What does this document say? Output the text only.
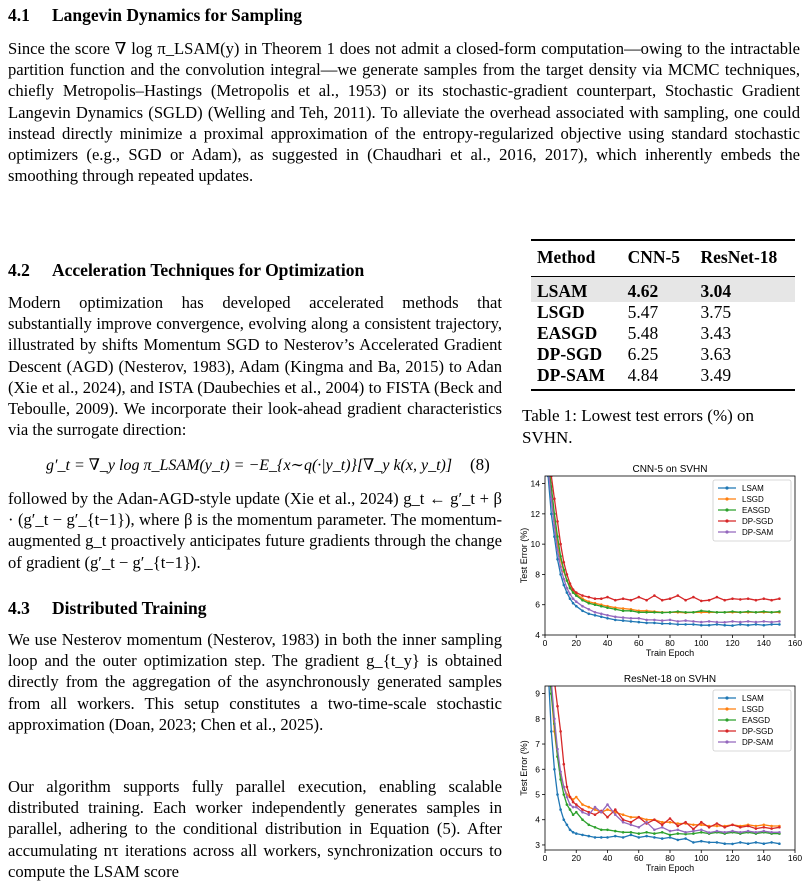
4.1 Langevin Dynamics for Sampling
Since the score ∇ log π_LSAM(y) in Theorem 1 does not admit a closed-form computation—owing to the intractable partition function and the convolution integral—we generate samples from the target density via MCMC techniques, chiefly Metropolis–Hastings (Metropolis et al., 1953) or its stochastic-gradient counterpart, Stochastic Gradient Langevin Dynamics (SGLD) (Welling and Teh, 2011). To alleviate the overhead associated with sampling, one could instead directly minimize a proximal approximation of the entropy-regularized objective using standard stochastic optimizers (e.g., SGD or Adam), as suggested in (Chaudhari et al., 2016, 2017), which inherently embeds the smoothing through repeated updates.
4.2 Acceleration Techniques for Optimization
Modern optimization has developed accelerated methods that substantially improve convergence, evolving along a consistent trajectory, illustrated by shifts Momentum SGD to Nesterov’s Accelerated Gradient Descent (AGD) (Nesterov, 1983), Adam (Kingma and Ba, 2015) to Adan (Xie et al., 2024), and ISTA (Daubechies et al., 2004) to FISTA (Beck and Teboulle, 2009). We incorporate their look-ahead gradient characteristics via the surrogate direction:
g′_t = ∇_y log π_LSAM(y_t) = −E_{x∼q(·|y_t)}[∇_y k(x, y_t)] (8)
followed by the Adan-AGD-style update (Xie et al., 2024) g_t ← g′_t + β · (g′_t − g′_{t−1}), where β is the momentum parameter. The momentum-augmented g_t proactively anticipates future gradients through the change of gradient (g′_t − g′_{t−1}).
4.3 Distributed Training
We use Nesterov momentum (Nesterov, 1983) in both the inner sampling loop and the outer optimization step. The gradient g_{t_y} is obtained directly from the aggregation of the asynchronously generated samples from all workers. This setup constitutes a two-time-scale stochastic approximation (Doan, 2023; Chen et al., 2025).
Our algorithm supports fully parallel execution, enabling scalable distributed training. Each worker independently generates samples in parallel, adhering to the conditional distribution in Equation (5). After accumulating nτ iterations across all workers, synchronization occurs to compute the LSAM score
Method	CNN-5	ResNet-18
LSAM	4.62	3.04
LSGD	5.47	3.75
EASGD	5.48	3.43
DP-SGD	6.25	3.63
DP-SAM	4.84	3.49
Table 1: Lowest test errors (%) on SVHN.
CNN-5 on SVHN
0	20	40	60	80 100 120 140 160
4
6
8
10
12
14
Train Epoch
Test Error (%)
LSAM
LSGD
EASGD
DP-SGD
DP-SAM
ResNet-18 on SVHN
0	20	40	60	80 100 120 140 160
3
4
5
6
7
8
9
Train Epoch
Test Error (%)
LSAM
LSGD
EASGD
DP-SGD
DP-SAM
